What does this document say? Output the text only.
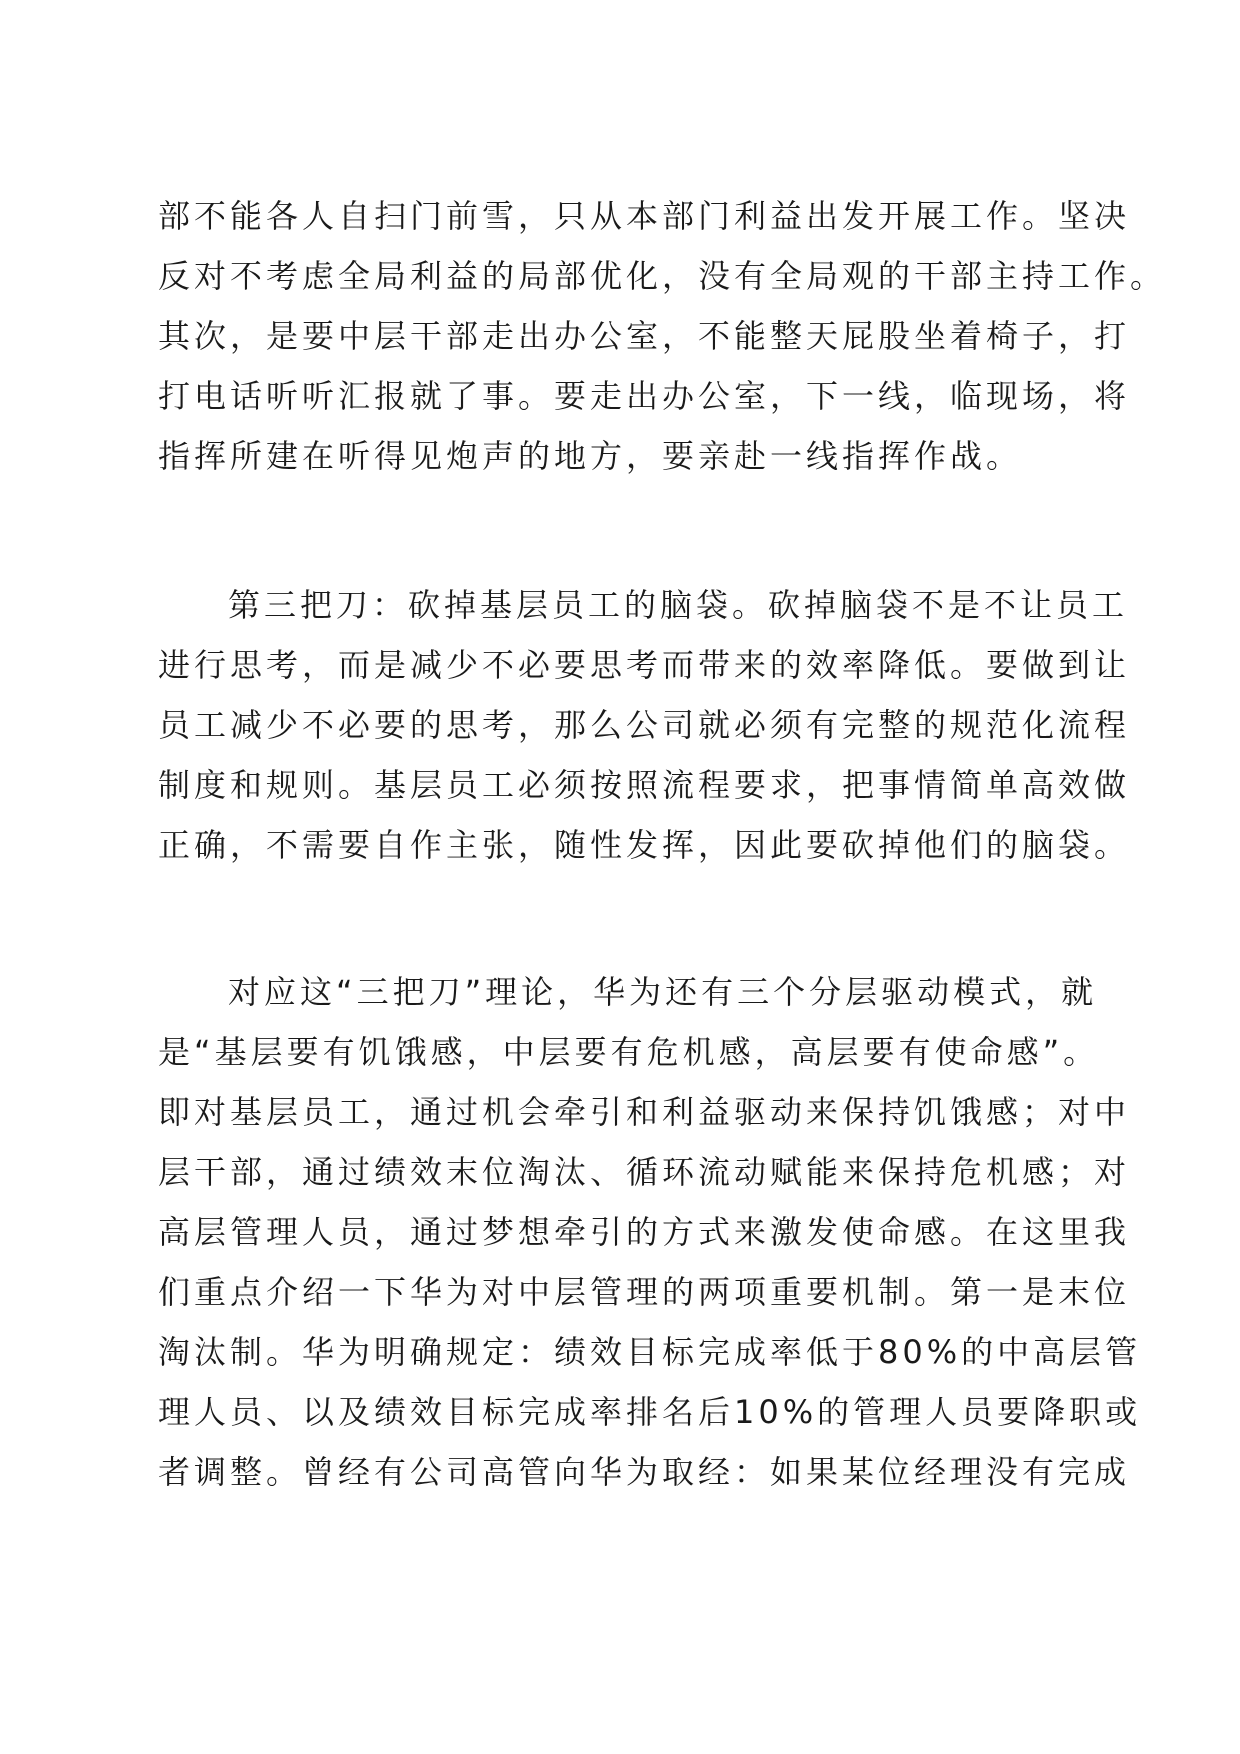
部不能各人自扫门前雪，只从本部门利益出发开展工作。坚决
反对不考虑全局利益的局部优化，没有全局观的干部主持工作。
其次，是要中层干部走出办公室，不能整天屁股坐着椅子，打
打电话听听汇报就了事。要走出办公室，下一线，临现场，将
指挥所建在听得见炮声的地方，要亲赴一线指挥作战。
第三把刀：砍掉基层员工的脑袋。砍掉脑袋不是不让员工
进行思考，而是减少不必要思考而带来的效率降低。要做到让
员工减少不必要的思考，那么公司就必须有完整的规范化流程
制度和规则。基层员工必须按照流程要求，把事情简单高效做
正确，不需要自作主张，随性发挥，因此要砍掉他们的脑袋。
对应这“三把刀”理论，华为还有三个分层驱动模式，就
是“基层要有饥饿感，中层要有危机感，高层要有使命感”。
即对基层员工，通过机会牵引和利益驱动来保持饥饿感；对中
层干部，通过绩效末位淘汰、循环流动赋能来保持危机感；对
高层管理人员，通过梦想牵引的方式来激发使命感。在这里我
们重点介绍一下华为对中层管理的两项重要机制。第一是末位
淘汰制。华为明确规定：绩效目标完成率低于80%的中高层管
理人员、以及绩效目标完成率排名后10%的管理人员要降职或
者调整。曾经有公司高管向华为取经：如果某位经理没有完成
